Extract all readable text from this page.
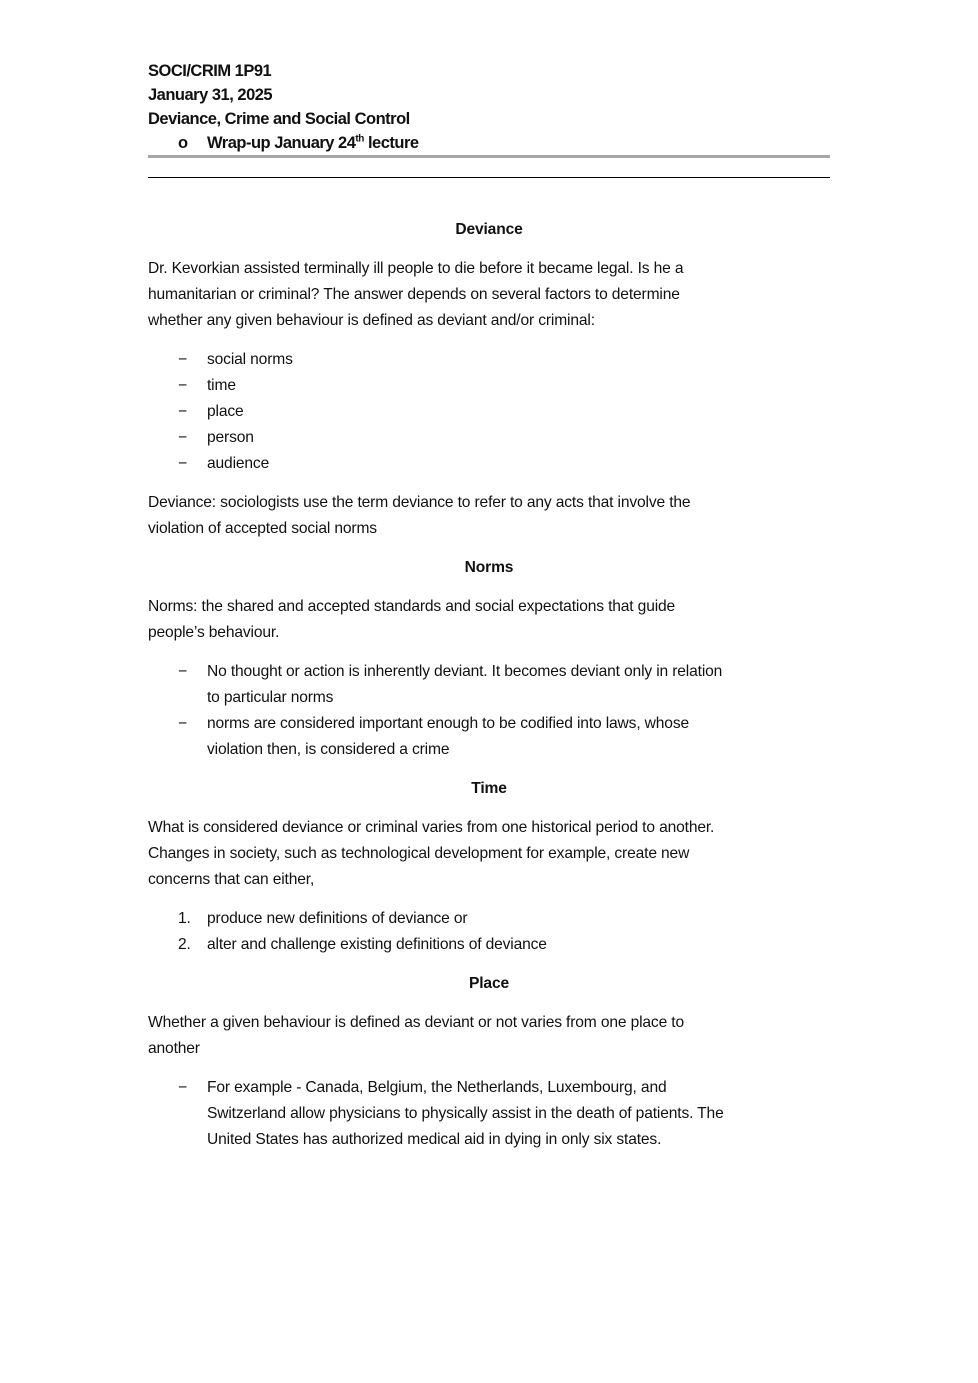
SOCI/CRIM 1P91
January 31, 2025
Deviance, Crime and Social Control
o Wrap-up January 24th lecture
Deviance
Dr. Kevorkian assisted terminally ill people to die before it became legal. Is he a
humanitarian or criminal? The answer depends on several factors to determine
whether any given behaviour is defined as deviant and/or criminal:
− social norms
− time
− place
− person
− audience
Deviance: sociologists use the term deviance to refer to any acts that involve the
violation of accepted social norms
Norms
Norms: the shared and accepted standards and social expectations that guide
people’s behaviour.
− No thought or action is inherently deviant. It becomes deviant only in relation
to particular norms
− norms are considered important enough to be codified into laws, whose
violation then, is considered a crime
Time
What is considered deviance or criminal varies from one historical period to another.
Changes in society, such as technological development for example, create new
concerns that can either,
1. produce new definitions of deviance or
2. alter and challenge existing definitions of deviance
Place
Whether a given behaviour is defined as deviant or not varies from one place to
another
− For example - Canada, Belgium, the Netherlands, Luxembourg, and
Switzerland allow physicians to physically assist in the death of patients. The
United States has authorized medical aid in dying in only six states.
